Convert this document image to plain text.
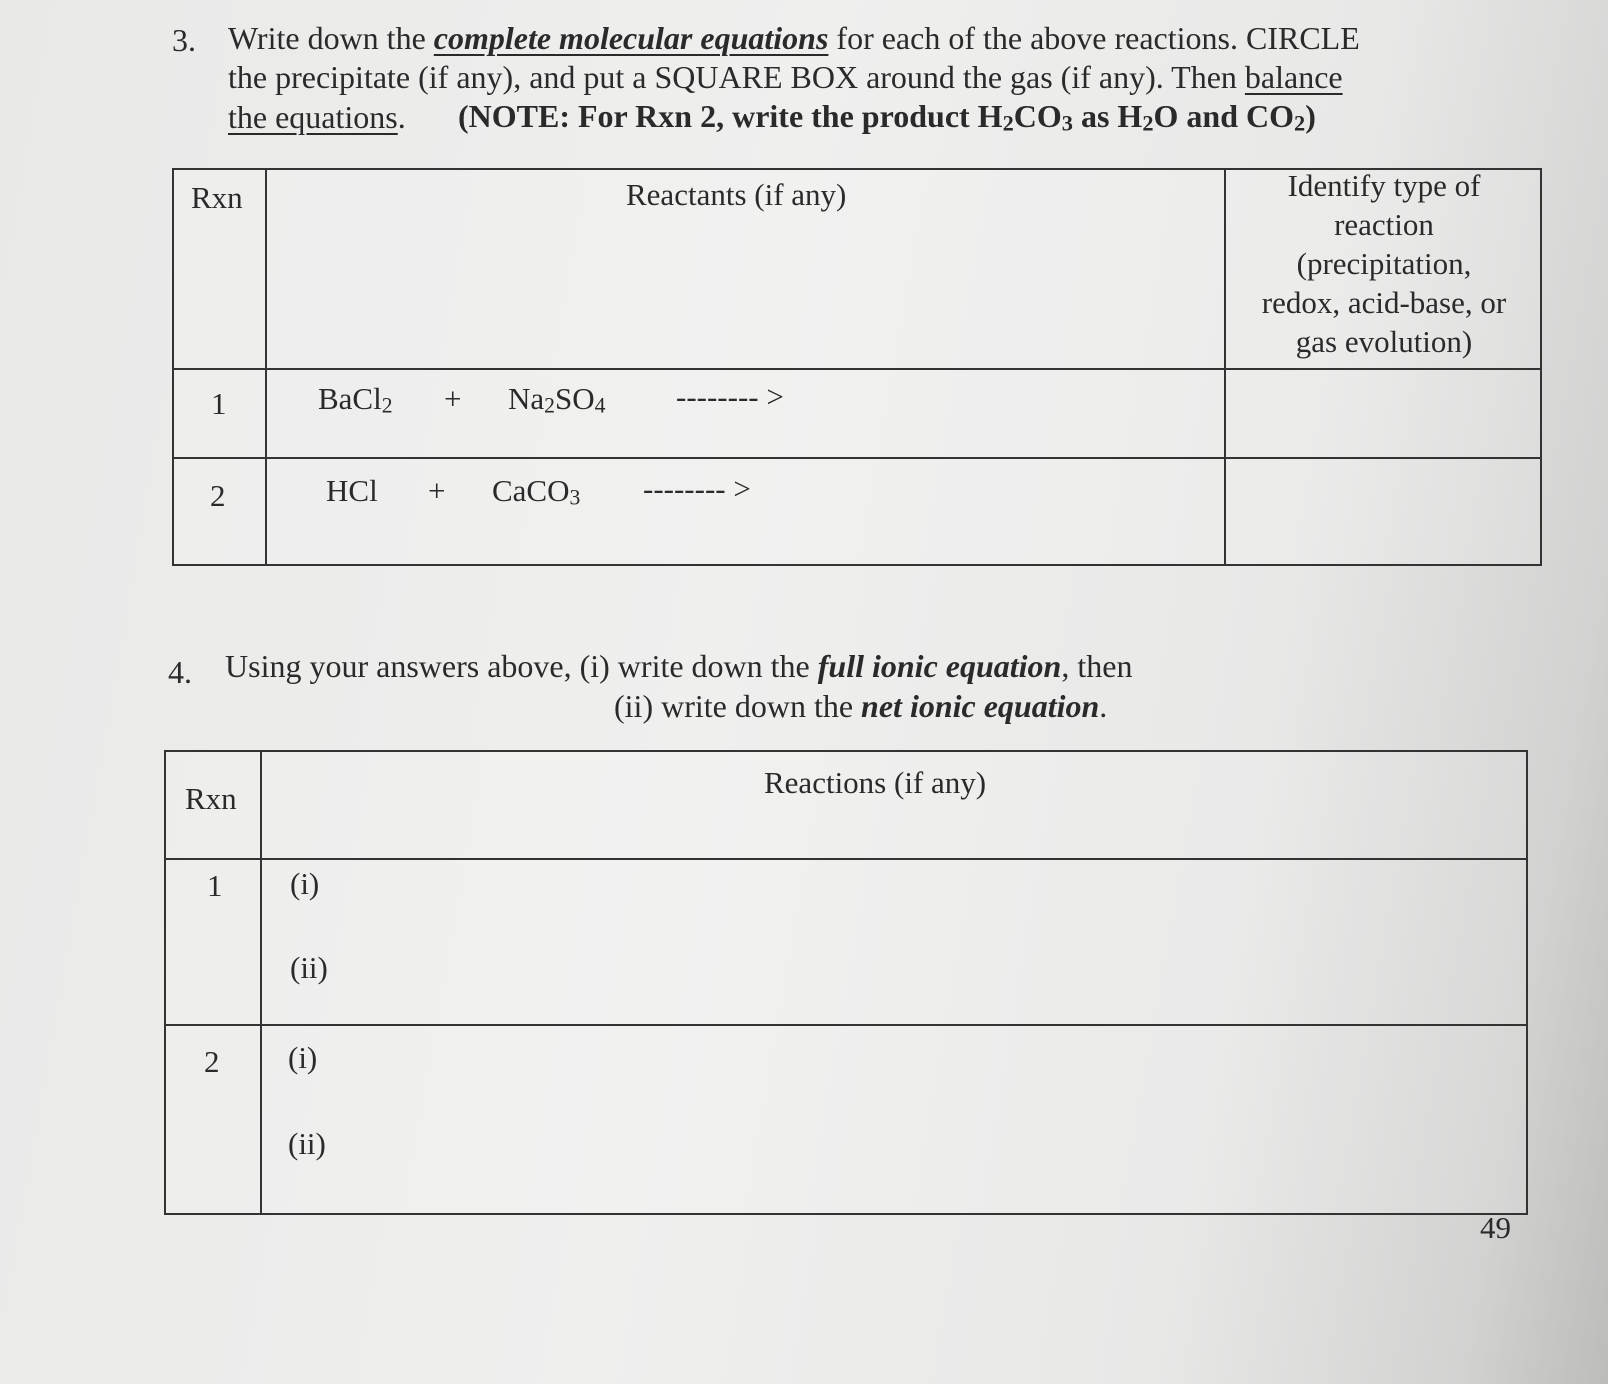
3. Write down the complete molecular equations for each of the above reactions. CIRCLE
the precipitate (if any), and put a SQUARE BOX around the gas (if any). Then balance
the equations. (NOTE: For Rxn 2, write the product $H_2CO_3$ as $H_2O$ and $CO_2$)
Rxn	Reactants (if any)	Identify type of
reaction
(precipitation,
redox, acid-base, or
gas evolution)
1	BaCl$_2$ + $Na_2SO_4$ -------- >
2	HCl + CaCO$_3$ -------- >
4. Using your answers above, (i) write down the full ionic equation, then
(ii) write down the net ionic equation.
Rxn	Reactions (if any)
1 (i)
(ii)
2 (i)
(ii)
49
